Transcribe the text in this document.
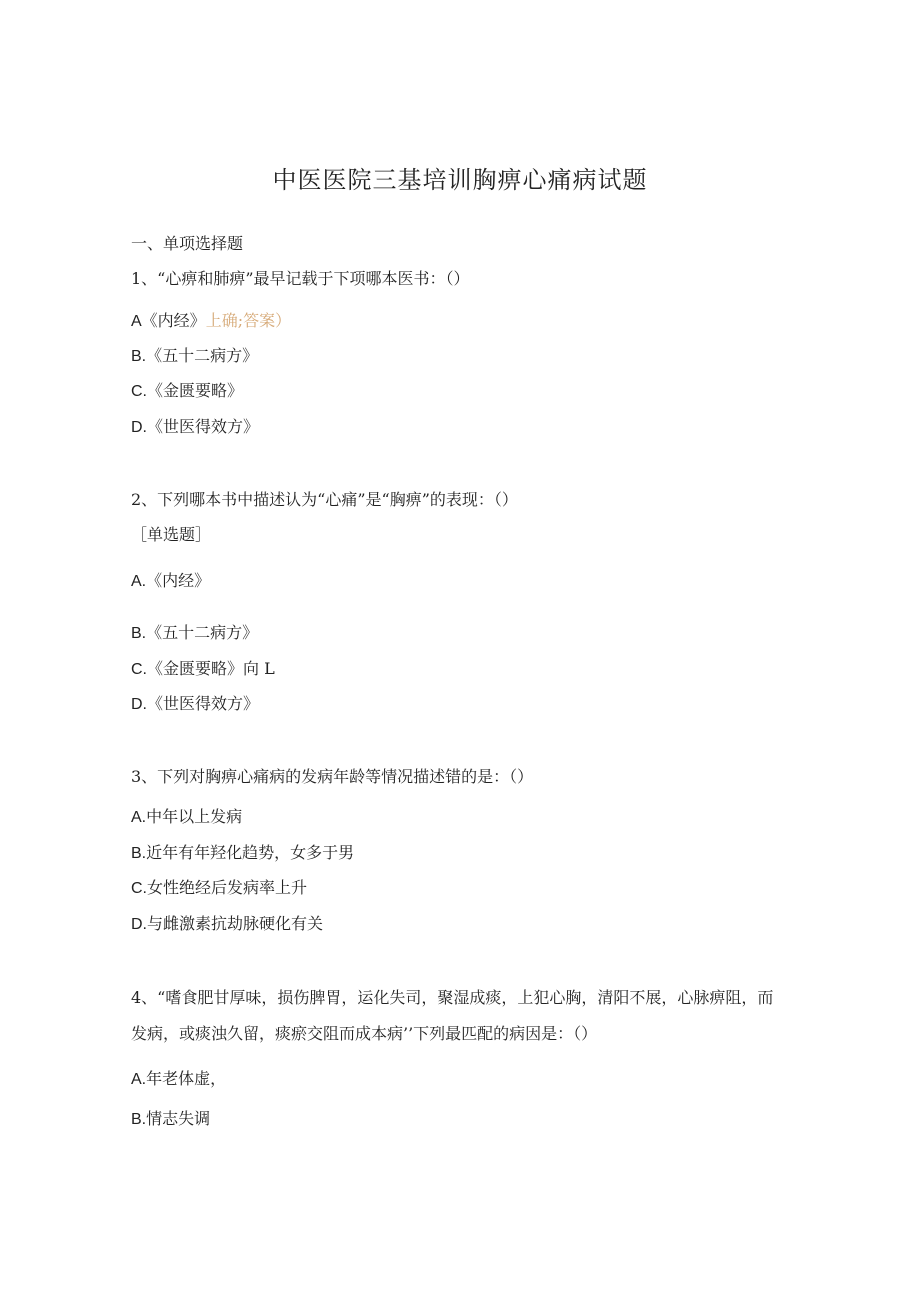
中医医院三基培训胸痹心痛病试题
一、单项选择题
1、“心痹和肺痹”最早记载于下项哪本医书：（）
A《内经》上确;答案）
B.《五十二病方》
C.《金匮要略》
D.《世医得效方》
2、下列哪本书中描述认为“心痛”是“胸痹”的表现：（）
［单选题］
A.《内经》
B.《五十二病方》
C.《金匮要略》向 L
D.《世医得效方》
3、下列对胸痹心痛病的发病年龄等情况描述错的是：（）
A.中年以上发病
B.近年有年羟化趋势，女多于男
C.女性绝经后发病率上升
D.与雌激素抗劫脉硬化有关
4、“嗜食肥甘厚味，损伤脾胃，运化失司，聚湿成痰，上犯心胸，清阳不展，心脉痹阻，而发病，或痰浊久留，痰瘀交阻而成本病’’下列最匹配的病因是：（）
A.年老体虚，
B.情志失调
